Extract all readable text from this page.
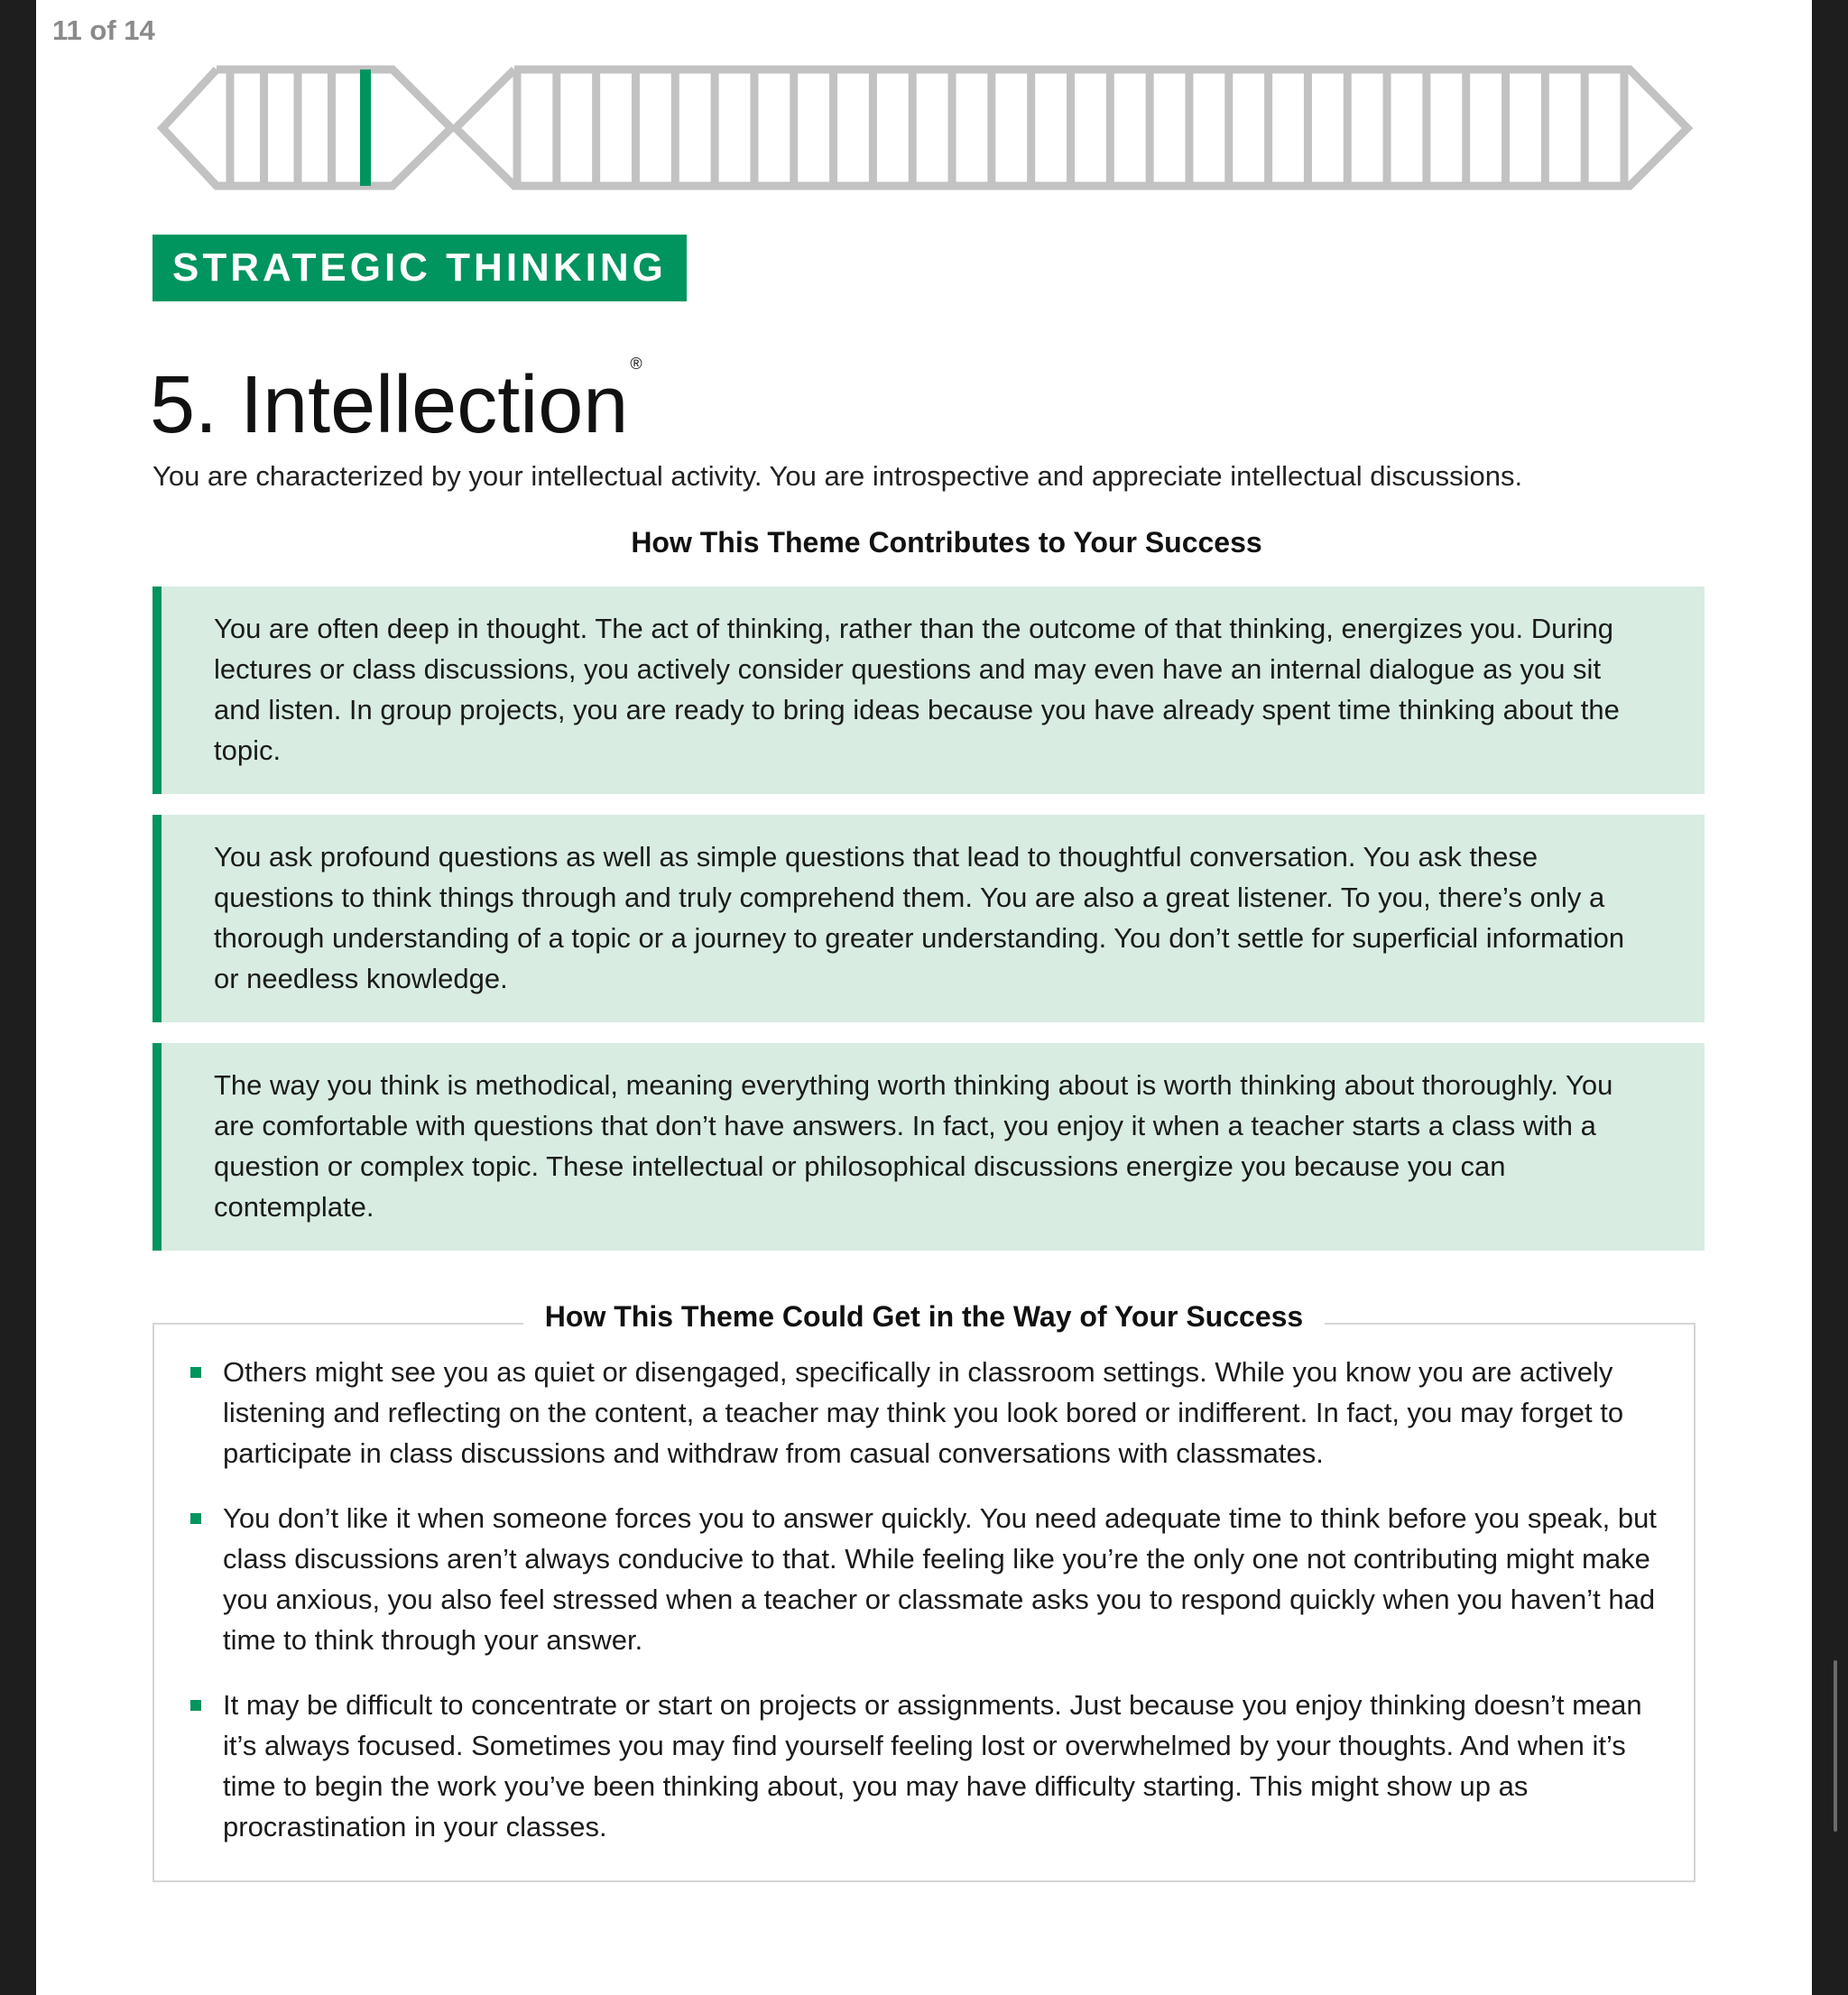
11 of 14
STRATEGIC THINKING
5. Intellection ®
You are characterized by your intellectual activity. You are introspective and appreciate intellectual discussions.
How This Theme Contributes to Your Success
You are often deep in thought. The act of thinking, rather than the outcome of that thinking, energizes you. During lectures or class discussions, you actively consider questions and may even have an internal dialogue as you sit and listen. In group projects, you are ready to bring ideas because you have already spent time thinking about the topic.
You ask profound questions as well as simple questions that lead to thoughtful conversation. You ask these questions to think things through and truly comprehend them. You are also a great listener. To you, there’s only a thorough understanding of a topic or a journey to greater understanding. You don’t settle for superficial information or needless knowledge.
The way you think is methodical, meaning everything worth thinking about is worth thinking about thoroughly. You are comfortable with questions that don’t have answers. In fact, you enjoy it when a teacher starts a class with a question or complex topic. These intellectual or philosophical discussions energize you because you can contemplate.
How This Theme Could Get in the Way of Your Success
Others might see you as quiet or disengaged, specifically in classroom settings. While you know you are actively listening and reflecting on the content, a teacher may think you look bored or indifferent. In fact, you may forget to participate in class discussions and withdraw from casual conversations with classmates.
You don’t like it when someone forces you to answer quickly. You need adequate time to think before you speak, but class discussions aren’t always conducive to that. While feeling like you’re the only one not contributing might make you anxious, you also feel stressed when a teacher or classmate asks you to respond quickly when you haven’t had time to think through your answer.
It may be difficult to concentrate or start on projects or assignments. Just because you enjoy thinking doesn’t mean it’s always focused. Sometimes you may find yourself feeling lost or overwhelmed by your thoughts. And when it’s time to begin the work you’ve been thinking about, you may have difficulty starting. This might show up as procrastination in your classes.
